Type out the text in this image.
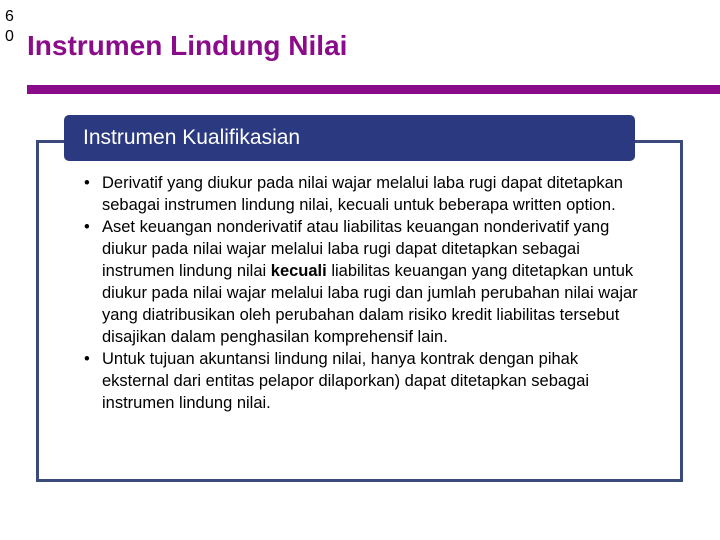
6
0 Instrumen Lindung Nilai
Instrumen Kualifikasian
• Derivatif yang diukur pada nilai wajar melalui laba rugi dapat ditetapkan sebagai instrumen lindung nilai, kecuali untuk beberapa written option.
• Aset keuangan nonderivatif atau liabilitas keuangan nonderivatif yang diukur pada nilai wajar melalui laba rugi dapat ditetapkan sebagai instrumen lindung nilai kecuali liabilitas keuangan yang ditetapkan untuk diukur pada nilai wajar melalui laba rugi dan jumlah perubahan nilai wajar yang diatribusikan oleh perubahan dalam risiko kredit liabilitas tersebut disajikan dalam penghasilan komprehensif lain.
• Untuk tujuan akuntansi lindung nilai, hanya kontrak dengan pihak eksternal dari entitas pelapor dilaporkan) dapat ditetapkan sebagai instrumen lindung nilai.
